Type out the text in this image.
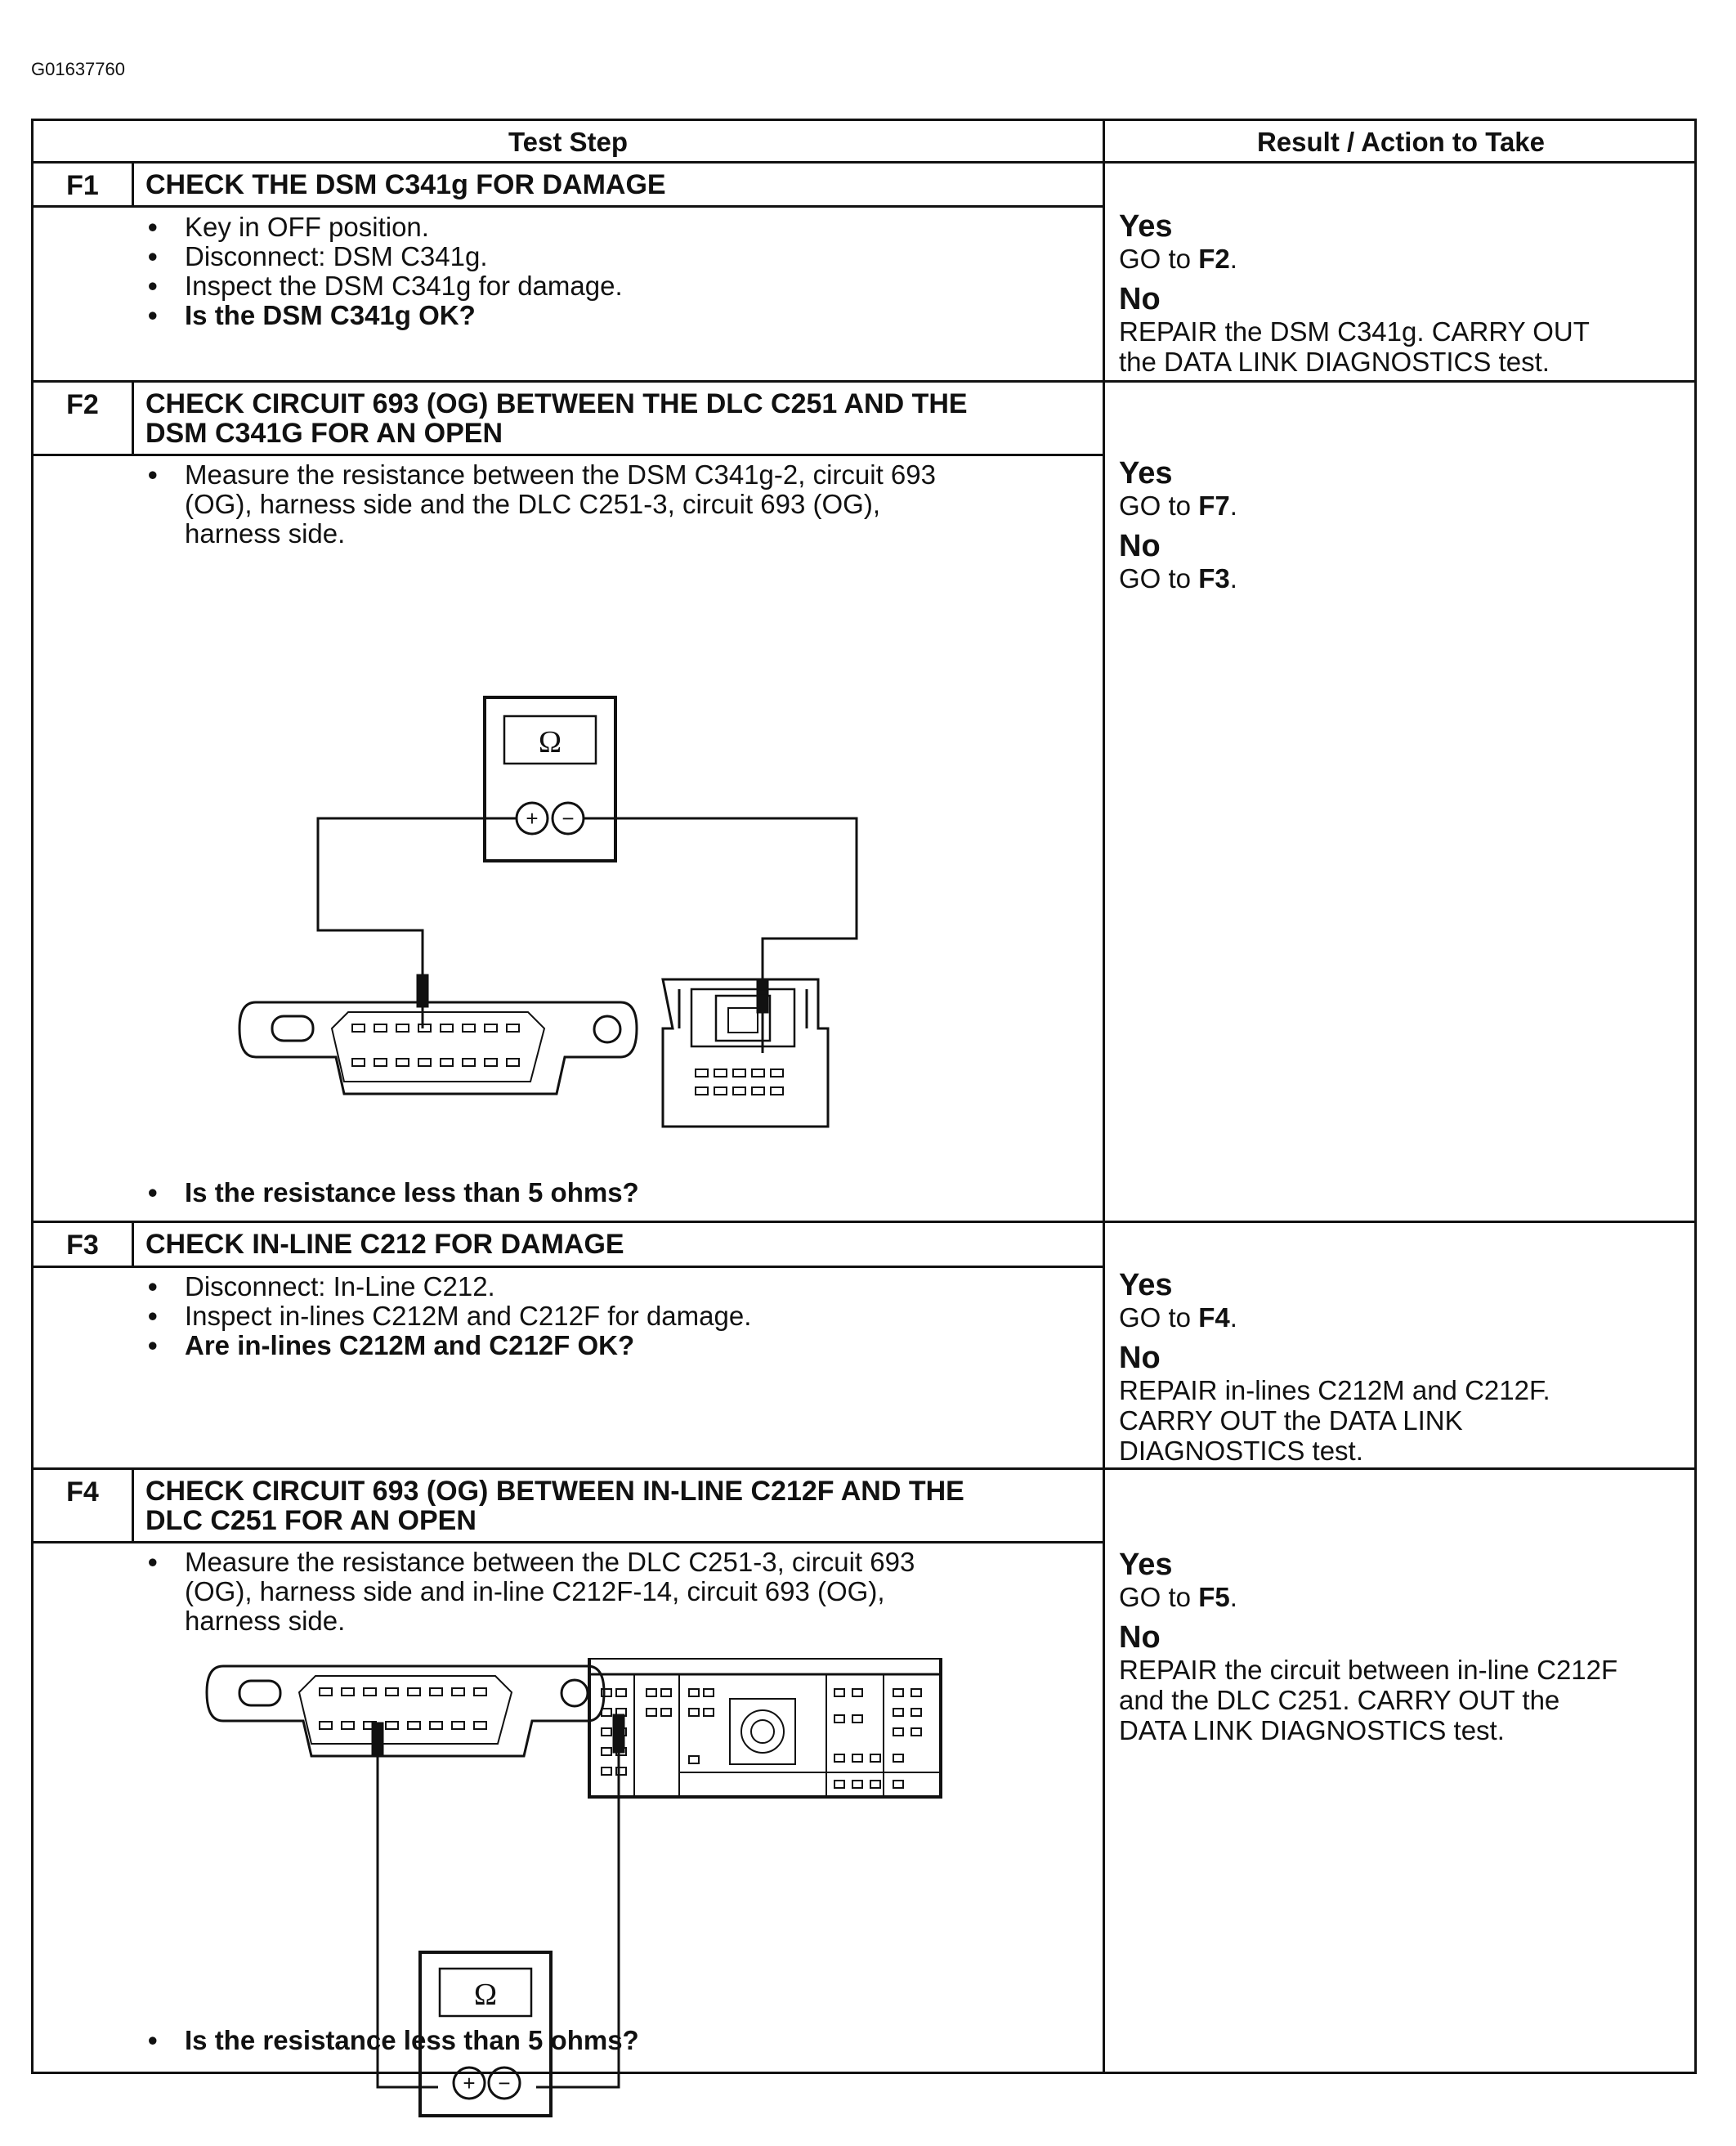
G01637760
Test Step	Result / Action to Take
F1	CHECK THE DSM C341g FOR DAMAGE
• Key in OFF position.
• Disconnect: DSM C341g.
• Inspect the DSM C341g for damage.
• Is the DSM C341g OK?
Yes
GO to F2.
No
REPAIR the DSM C341g. CARRY OUT
the DATA LINK DIAGNOSTICS test.
F2	CHECK CIRCUIT 693 (OG) BETWEEN THE DLC C251 AND THE
DSM C341G FOR AN OPEN
• Measure the resistance between the DSM C341g-2, circuit 693
(OG), harness side and the DLC C251-3, circuit 693 (OG),
harness side.
Ω
+ −
• Is the resistance less than 5 ohms?
Yes
GO to F7.
No
GO to F3.
F3	CHECK IN-LINE C212 FOR DAMAGE
• Disconnect: In-Line C212.
• Inspect in-lines C212M and C212F for damage.
• Are in-lines C212M and C212F OK?
Yes
GO to F4.
No
REPAIR in-lines C212M and C212F.
CARRY OUT the DATA LINK
DIAGNOSTICS test.
F4	CHECK CIRCUIT 693 (OG) BETWEEN IN-LINE C212F AND THE
DLC C251 FOR AN OPEN
• Measure the resistance between the DLC C251-3, circuit 693
(OG), harness side and in-line C212F-14, circuit 693 (OG),
harness side.
Ω
+ −
• Is the resistance less than 5 ohms?
Yes
GO to F5.
No
REPAIR the circuit between in-line C212F
and the DLC C251. CARRY OUT the
DATA LINK DIAGNOSTICS test.
